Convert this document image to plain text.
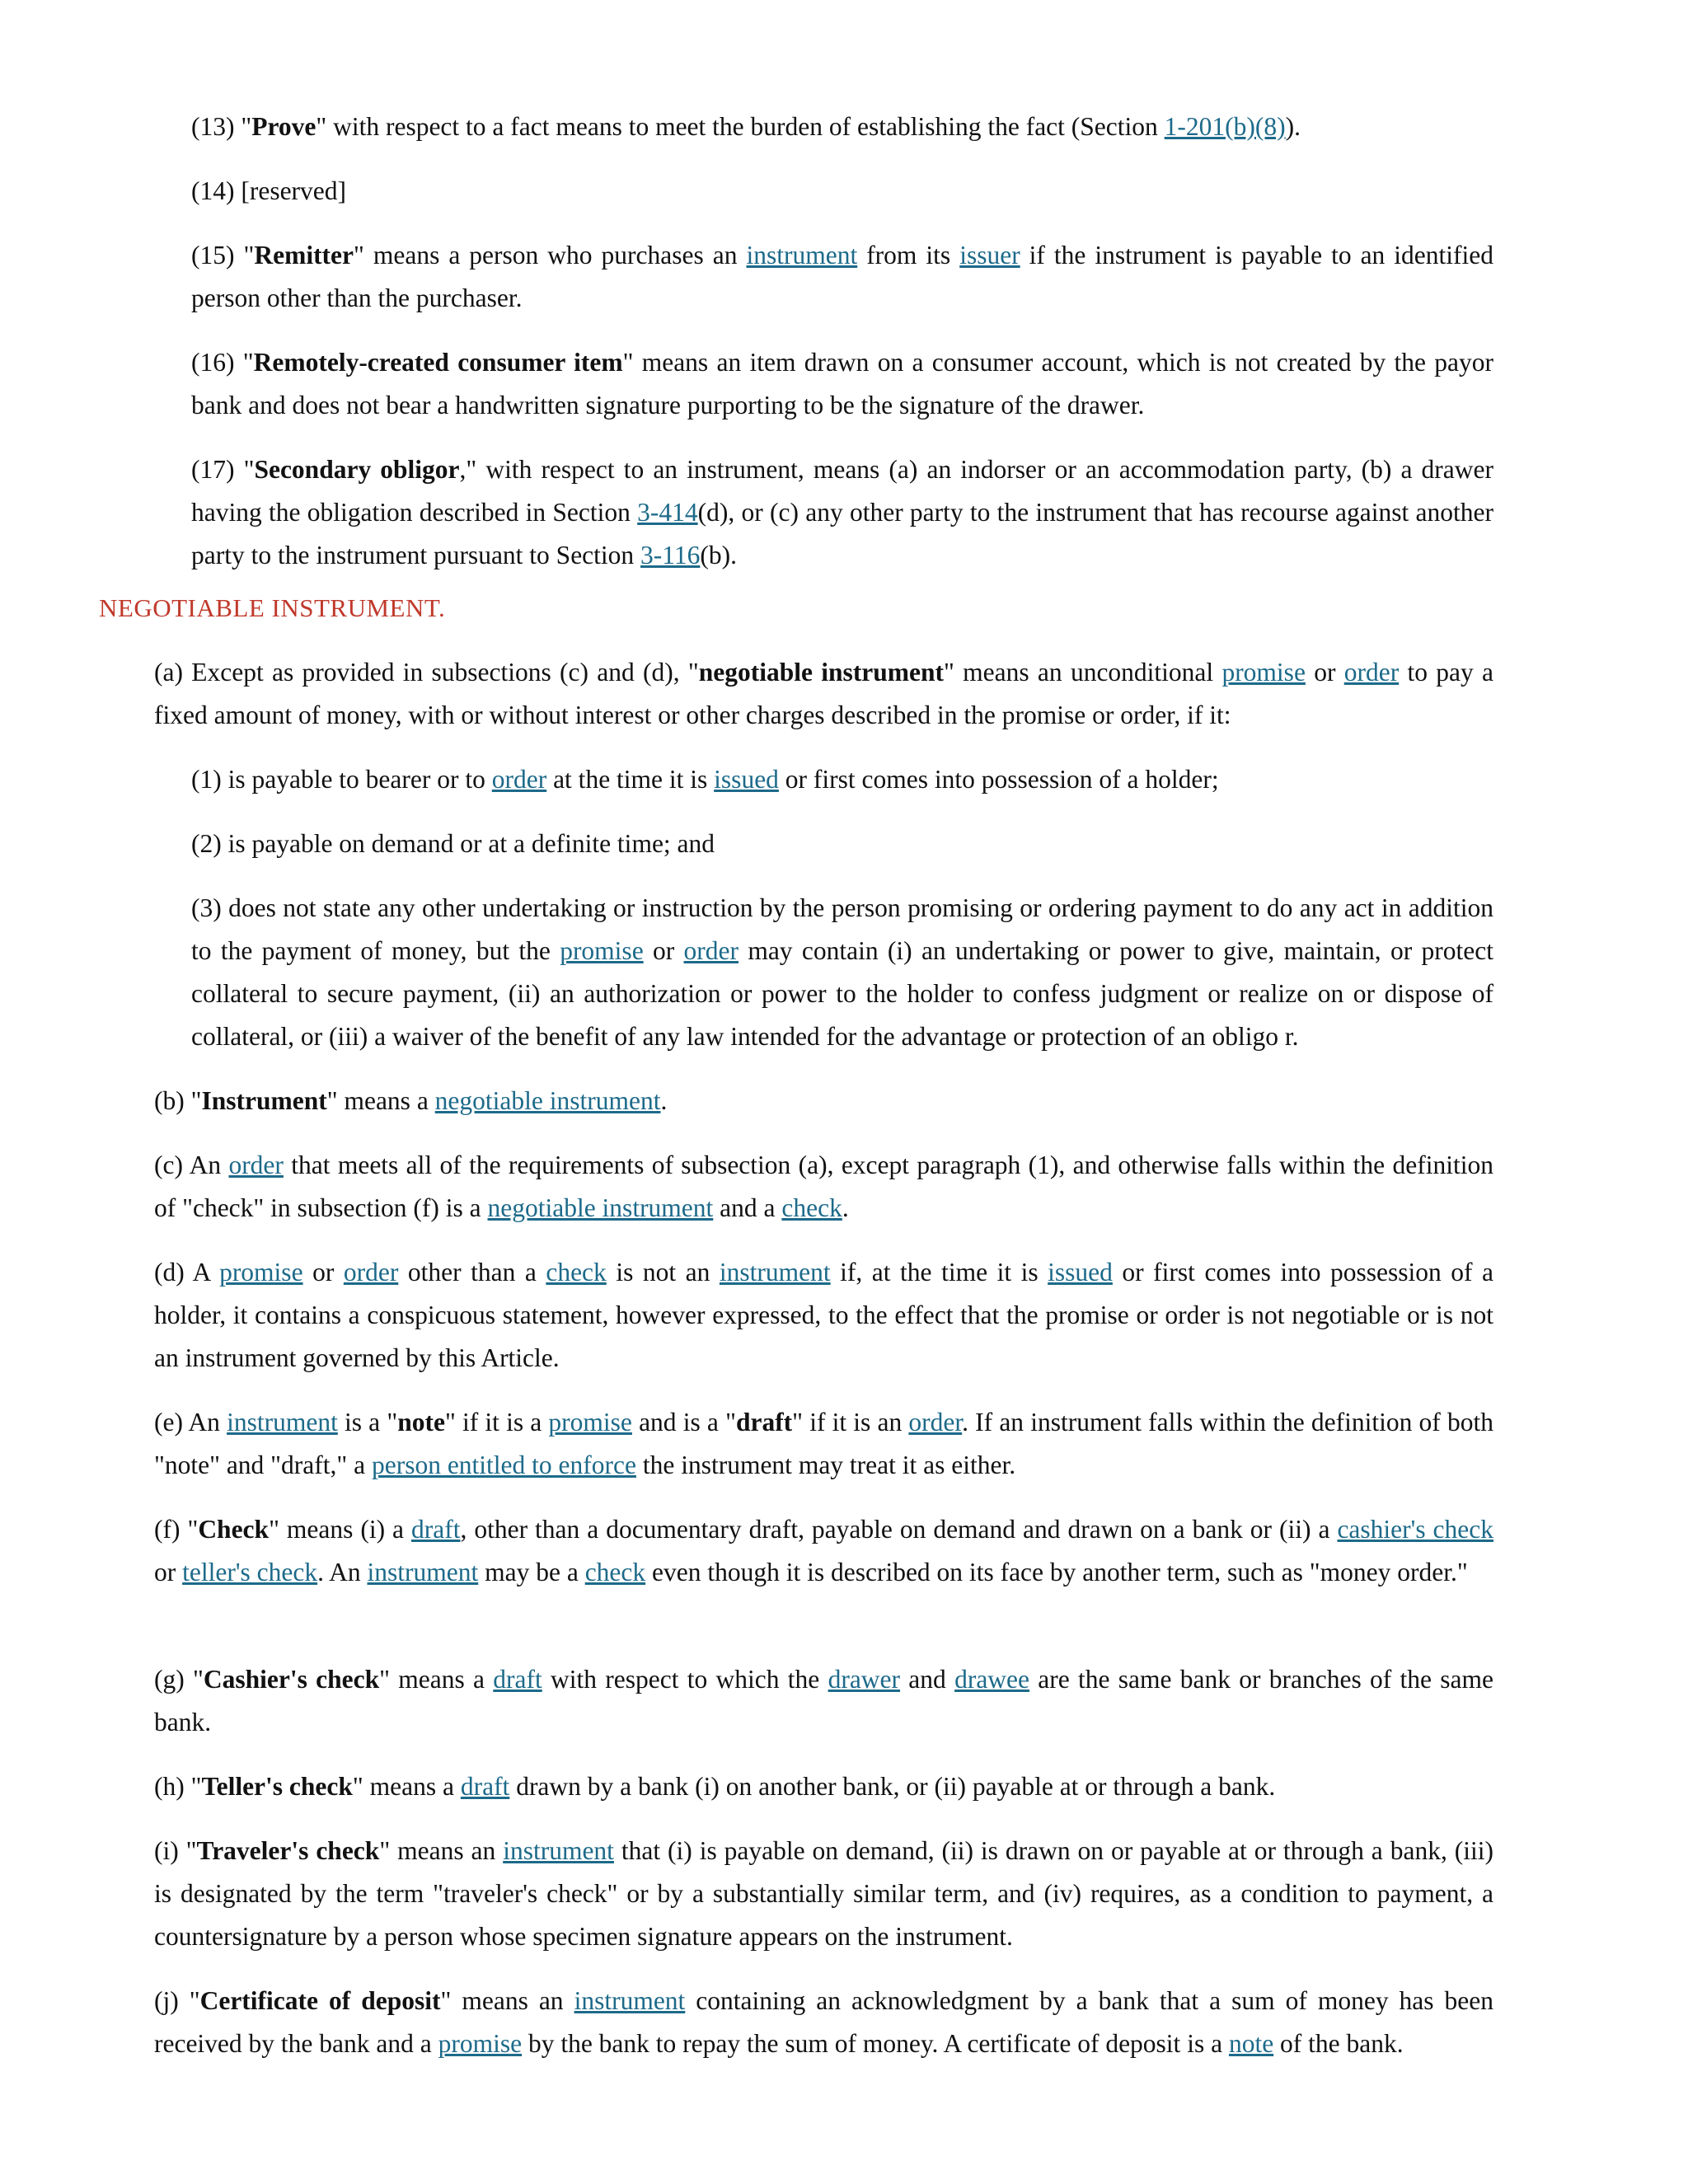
(13) "Prove" with respect to a fact means to meet the burden of establishing the fact (Section 1-201(b)(8)).

(14) [reserved]

(15) "Remitter" means a person who purchases an instrument from its issuer if the instrument is payable to an identified person other than the purchaser.

(16) "Remotely-created consumer item" means an item drawn on a consumer account, which is not created by the payor bank and does not bear a handwritten signature purporting to be the signature of the drawer.

(17) "Secondary obligor," with respect to an instrument, means (a) an indorser or an accommodation party, (b) a drawer having the obligation described in Section 3-414(d), or (c) any other party to the instrument that has recourse against another party to the instrument pursuant to Section 3-116(b).

NEGOTIABLE INSTRUMENT.

(a) Except as provided in subsections (c) and (d), "negotiable instrument" means an unconditional promise or order to pay a fixed amount of money, with or without interest or other charges described in the promise or order, if it:

(1) is payable to bearer or to order at the time it is issued or first comes into possession of a holder;

(2) is payable on demand or at a definite time; and

(3) does not state any other undertaking or instruction by the person promising or ordering payment to do any act in addition to the payment of money, but the promise or order may contain (i) an undertaking or power to give, maintain, or protect collateral to secure payment, (ii) an authorization or power to the holder to confess judgment or realize on or dispose of collateral, or (iii) a waiver of the benefit of any law intended for the advantage or protection of an obligo r.

(b) "Instrument" means a negotiable instrument.

(c) An order that meets all of the requirements of subsection (a), except paragraph (1), and otherwise falls within the definition of "check" in subsection (f) is a negotiable instrument and a check.

(d) A promise or order other than a check is not an instrument if, at the time it is issued or first comes into possession of a holder, it contains a conspicuous statement, however expressed, to the effect that the promise or order is not negotiable or is not an instrument governed by this Article.

(e) An instrument is a "note" if it is a promise and is a "draft" if it is an order. If an instrument falls within the definition of both "note" and "draft," a person entitled to enforce the instrument may treat it as either.

(f) "Check" means (i) a draft, other than a documentary draft, payable on demand and drawn on a bank or (ii) a cashier's check or teller's check. An instrument may be a check even though it is described on its face by another term, such as "money order."

(g) "Cashier's check" means a draft with respect to which the drawer and drawee are the same bank or branches of the same bank.

(h) "Teller's check" means a draft drawn by a bank (i) on another bank, or (ii) payable at or through a bank.

(i) "Traveler's check" means an instrument that (i) is payable on demand, (ii) is drawn on or payable at or through a bank, (iii) is designated by the term "traveler's check" or by a substantially similar term, and (iv) requires, as a condition to payment, a countersignature by a person whose specimen signature appears on the instrument.

(j) "Certificate of deposit" means an instrument containing an acknowledgment by a bank that a sum of money has been received by the bank and a promise by the bank to repay the sum of money. A certificate of deposit is a note of the bank.
